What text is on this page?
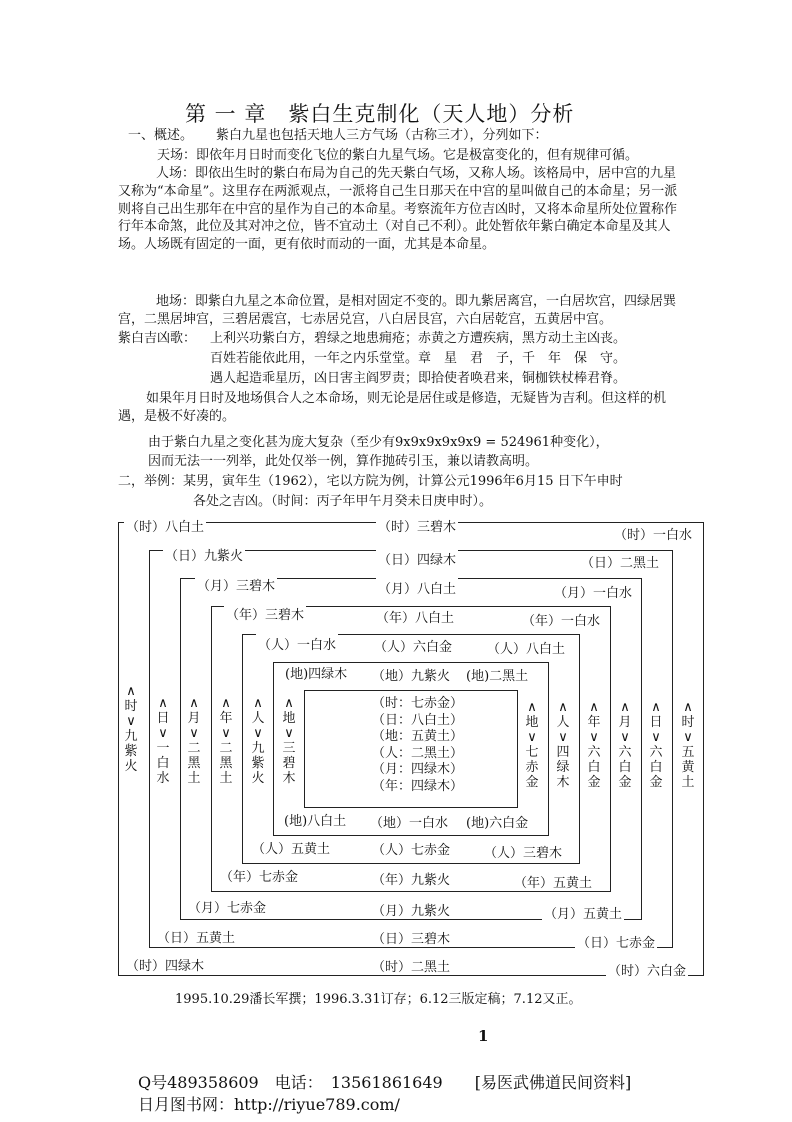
第 一 章　紫白生克制化（天人地）分析
一、概述。 紫白九星也包括天地人三方气场（古称三才），分列如下：
天场：即依年月日时而变化飞位的紫白九星气场。它是极富变化的，但有规律可循。
人场：即依出生时的紫白布局为自己的先天紫白气场，又称人场。该格局中，居中宫的九星又称为“本命星”。这里存在两派观点，一派将自己生日那天在中宫的星叫做自己的本命星；另一派则将自己出生那年在中宫的星作为自己的本命星。考察流年方位吉凶时，又将本命星所处位置称作行年本命煞，此位及其对冲之位，皆不宜动土（对自己不利）。此处暂依年紫白确定本命星及其人场。人场既有固定的一面，更有依时而动的一面，尤其是本命星。
地场：即紫白九星之本命位置，是相对固定不变的。即九紫居离宫，一白居坎宫，四绿居巽宫，二黑居坤宫，三碧居震宫，七赤居兑宫，八白居艮宫，六白居乾宫，五黄居中宫。
紫白吉凶歌： 上利兴功紫白方，碧绿之地患痈疮；赤黄之方遭疾病，黑方动土主凶丧。
百姓若能依此用，一年之内乐堂堂。章　星　君　子，千　年　保　守。
遇人起造乖星历，凶日害主阎罗责；即拾使者唤君来，铜枷铁杖棒君脊。
如果年月日时及地场俱合人之本命场，则无论是居住或是修造，无疑皆为吉利。但这样的机遇，是极不好凑的。
由于紫白九星之变化甚为庞大复杂（至少有9x9x9x9x9x9 = 524961种变化），
因而无法一一列举，此处仅举一例，算作抛砖引玉，兼以请教高明。
二，举例：某男，寅年生（1962），宅以方院为例，计算公元1996年6月15 日下午申时
各处之吉凶。（时间：丙子年甲午月癸未日庚申时）。
（时）八白土	（时）三碧木
（时）一白水
∧时∨九紫火
∧时∨五黄土
（时）四绿木	（时）二黑土	（时）六白金
（日）九紫火	（日）四绿木	（日）二黑土
∧日∨一白水
∧日∨六白金
（日）五黄土	（日）三碧木	（日）七赤金
（月）三碧木	（月）八白土	（月）一白水
∧月∨二黑土
∧月∨六白金
（月）七赤金	（月）九紫火	（月）五黄土
（年）三碧木	（年）八白土	（年）一白水
∧年∨二黑土
∧年∨六白金
（年）七赤金	（年）九紫火	（年）五黄土
（人）一白水	（人）六白金	（人）八白土
∧人∨九紫火
∧人∨四绿木
（人）五黄土	（人）七赤金	（人）三碧木
(地)四绿木 （地）九紫火 (地)二黑土
∧地∨三碧木
∧地∨七赤金
(地)八白土 （地）一白水 (地)六白金
（时：七赤金）
（日：八白土）
（地：五黄土）
（人：二黑土）
（月：四绿木）
（年：四绿木）
1995.10.29潘长军撰；1996.3.31订存；6.12三版定稿；7.12又正。
1
Q号489358609　电话：　13561861649　　[易医武佛道民间资料]
日月图书网：http://riyue789.com/
